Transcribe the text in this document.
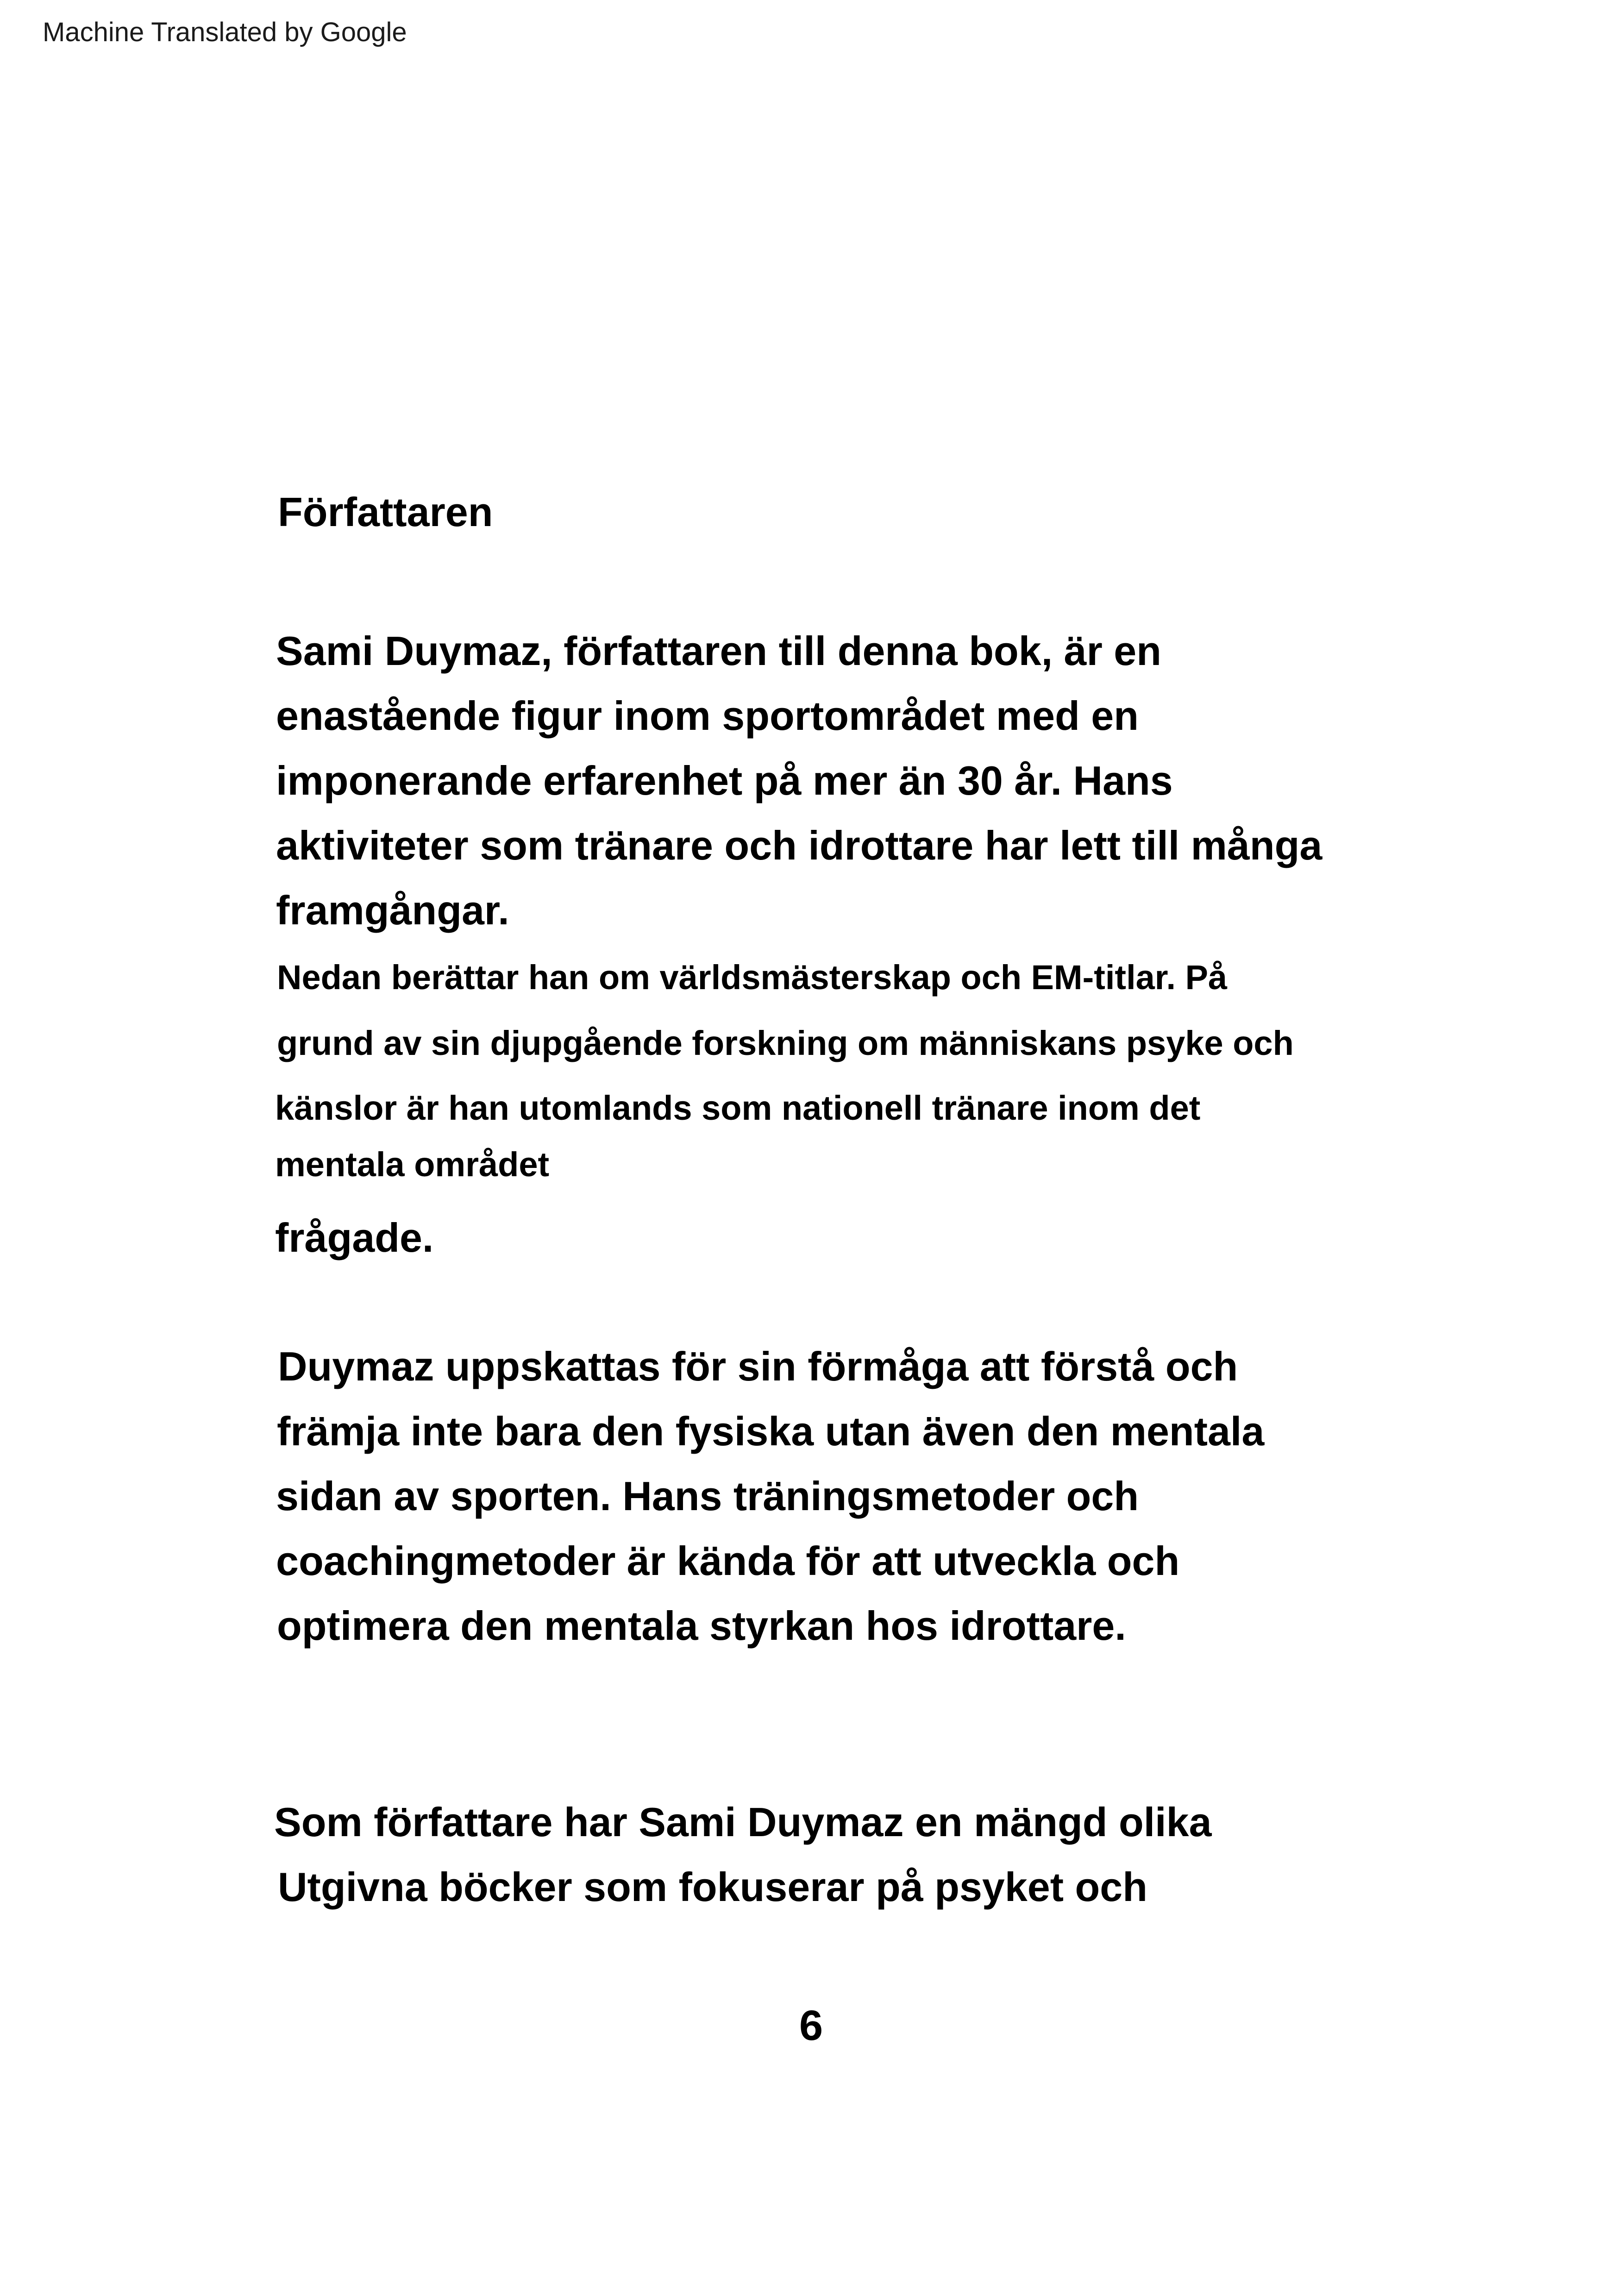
Machine Translated by Google
Författaren
Sami Duymaz, författaren till denna bok, är en
enastående figur inom sportområdet med en
imponerande erfarenhet på mer än 30 år. Hans
aktiviteter som tränare och idrottare har lett till många
framgångar.
Nedan berättar han om världsmästerskap och EM-titlar. På
grund av sin djupgående forskning om människans psyke och
känslor är han utomlands som nationell tränare inom det
mentala området
frågade.
Duymaz uppskattas för sin förmåga att förstå och
främja inte bara den fysiska utan även den mentala
sidan av sporten. Hans träningsmetoder och
coachingmetoder är kända för att utveckla och
optimera den mentala styrkan hos idrottare.
Som författare har Sami Duymaz en mängd olika
Utgivna böcker som fokuserar på psyket och
6
